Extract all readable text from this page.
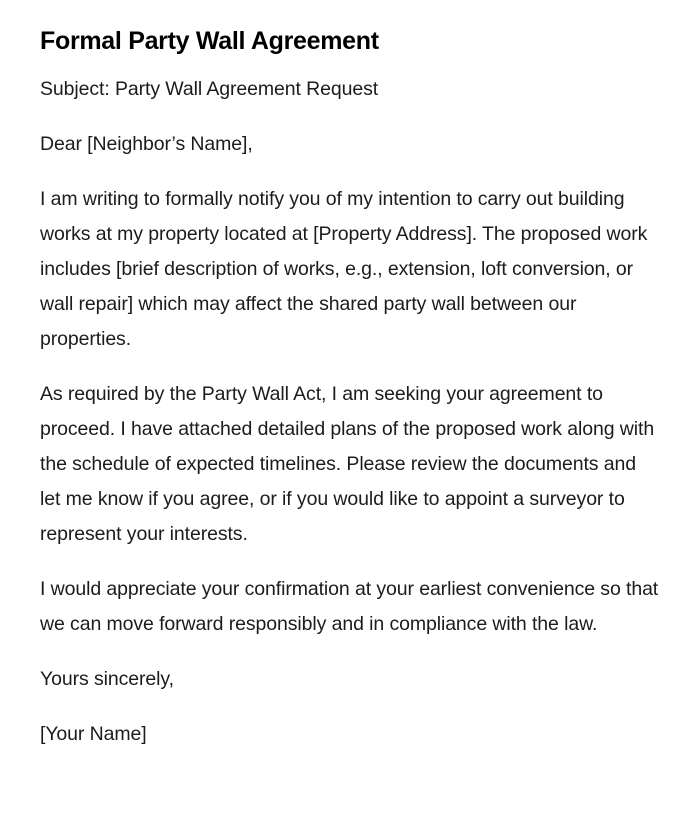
Formal Party Wall Agreement

Subject: Party Wall Agreement Request

Dear [Neighbor’s Name],

I am writing to formally notify you of my intention to carry out building works at my property located at [Property Address]. The proposed work includes [brief description of works, e.g., extension, loft conversion, or wall repair] which may affect the shared party wall between our properties.

As required by the Party Wall Act, I am seeking your agreement to proceed. I have attached detailed plans of the proposed work along with the schedule of expected timelines. Please review the documents and let me know if you agree, or if you would like to appoint a surveyor to represent your interests.

I would appreciate your confirmation at your earliest convenience so that we can move forward responsibly and in compliance with the law.

Yours sincerely,

[Your Name]
